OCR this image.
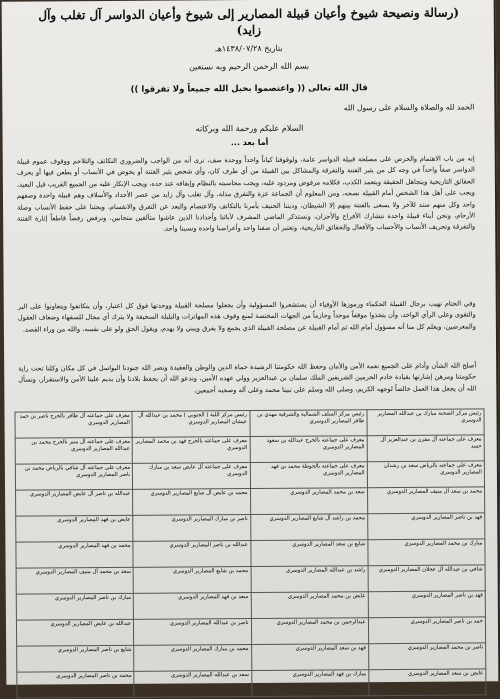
(رسالة ونصيحة شيوخ وأعيان قبيلة المصارير إلى شيوخ وأعيان الدواسر آل تغلب وآل زايد)
بتاريخ ١٤٣٨/٠٧/٢٨هـ
بسم الله الرحمن الرحيم وبه نستعين
قال الله تعالى (( واعتصموا بحبل الله جميعاً ولا تفرقوا ))
الحمد لله والصلاة والسلام على رسول الله
السلام عليكم ورحمة الله وبركاته
أما بعد ...
إنه من باب الاهتمام والحرص على مصلحة قبيلة الدواسر عامة، ولوقوفنا كياناً واحداً ووحدة صف، نرى أنه من الواجب والضروري التكاتف والتلاحم ووقوف عموم قبيلة الدواسر صفاً واحداً في وجه كل من يثير الفتنة والتفرقة والمشاكل بين القبيلة من أي طرف كان، وأي شخص يثير الفتنة أو يخوض في الأنساب أو يطعن فيها أو يحرف الحقائق التاريخية ويتجاهل الحقيقة ويتعمد الكذب، فكلامه مرفوض ومردود عليه، ويجب محاسبته بالنظام وإيقافه عند حده، ويجب الإنكار عليه من الجميع القريب قبل البعيد، ويجب على أهل هذا الشخص أمام القبيلة نصحه، ومن المعلوم أن الجماعة عزة والتفرق مذلة، وآل تغلب وآل زايد من عصر الأجداد والأسلاف وهم قبيلة واحدة وصفهم واحد وكل منهم سند للآخر ولا يسعى بالفتنة بينهم إلا الشيطان، وديننا الحنيف يأمرنا بالتكاتف والاعتصام والبعد عن التفرق والانقسام، ويحثنا على حفظ الأنساب وصلة الأرحام، ونحن أبناء قبيلة واحدة نتشارك الأفراح والأحزان، ونستذكر الماضي المشرف لآبائنا وأجدادنا الذين عاشوا متآلفين متحابين، ونرفض رفضاً قاطعاً إثارة الفتنة والتفرقة وتحريف الأنساب والأحساب والأفعال والحقائق التاريخية، وتعتبر أن صفنا واحد وأعراضنا واحدة ونسبنا واحد.
وفي الختام نهيب برجال القبيلة الحكماء ورموزها الأوفياء أن يستشعروا المسؤولية وأن يجعلوا مصلحة القبيلة ووحدتها فوق كل اعتبار، وأن يتكاتفوا ويتعاونوا على البر والتقوى وعلى الرأي الواحد، وأن يتخذوا موقفاً موحداً وحازماً من الجهات المختصة لمنع وقوف هذه المهاترات والبلبلة السخيفة ولا يترك أي مجال للسفهاء وضعاف العقول والمغرضين، ويعلم كل منا أنه مسؤول أمام الله ثم أمام القبيلة عن مصلحة القبيلة الذي يجمع ولا يفرق ويبني ولا يهدم، ويقول الحق ولو على نفسه، والله من وراء القصد.
أصلح الله الشأن وأدام على الجميع نعمة الأمن والأمان وحفظ الله حكومتنا الرشيدة حماة الدين والوطن والعقيدة ونصر الله جنودنا البواسل في كل مكان وكلنا تحت راية حكومتنا ومرهن إشارتها بقيادة خادم الحرمين الشريفين الملك سلمان بن عبدالعزيز وولي عهده الأمين، وندعو الله أن يحفظ بلادنا وأن يديم علينا الأمن والاستقرار، ونسأل الله أن يجعل هذا العمل خالصاً لوجهه الكريم، وصلى الله وسلم على نبينا محمد وعلى آله وصحبه أجمعين.
رئيس مركز الصحنة مبارك بن عبدالله المصارير الدوسري	رئيس مركز السلف الشمالية والشرقية مهدي بن ظافر المصارير الدوسري	رئيس مركز اللبة ( الجنوبي ) محمد بن عبدالله آل عيشان المصارير الدوسري	معرف على جماعته آل ظافر بالخرج ناصر بن حمد المصارير الدوسري
معرف على جماعته آل مقرن بن عبدالعزيز آل حميد	معرف على جماعته بالخرج عبدالله بن سعود المصارير الدوسري	معرف على جماعته بالخرج فهد بن محمد المصارير الدوسري	معرف على جماعته آل منير بالخرج محمد بن عبدالله المصارير الدوسري
معرف على جماعته بالرياض سعد بن رشدان المصارير الدوسري	معرف على جماعته بالحوطة محمد بن فهد المصارير الدوسري	معرف على جماعته آل عايض سعد بن مبارك الدوسري	معرف على جماعته آل شافي بالرياض محمد بن ناصر المصارير الدوسري
محمد بن سعد آل منيف المصارير الدوسري	سعد بن محمد المصارير الدوسري	محمد بن عايض آل شايع المصارير الدوسري	عبدالله بن ناصر آل عايض المصارير الدوسري
فهد بن ناصر المصارير الدوسري	محمد بن راشد آل شايع المصارير الدوسري	ناصر بن مبارك المصارير الدوسري	عايض بن فهد المصارير الدوسري
مبارك بن محمد المصارير الدوسري	شايع بن سعد المصارير الدوسري	عبدالله بن ناصر المصارير الدوسري	محمد بن فهد المصارير الدوسري
شافي بن عبدالله آل عجلان المصارير الدوسري	راشد بن عبدالله المصارير الدوسري	محمد بن شايع المصارير الدوسري	سعد بن محمد آل منيف المصارير الدوسري
فهد بن ناصر المصارير الدوسري	عايض بن محمد المصارير الدوسري	سعد بن فهد المصارير الدوسري	مبارك بن ناصر المصارير الدوسري
حمد بن ناصر المصارير الدوسري	عبدالرحمن بن محمد المصارير الدوسري	ناصر بن عبدالله المصارير الدوسري	عبدالله بن عايض المصارير الدوسري
ناصر بن محمد المصارير الدوسري	فهد بن سعد المصارير الدوسري	محمد بن مبارك المصارير الدوسري	شايع بن ناصر المصارير الدوسري
عايض بن سعد المصارير الدوسري	مبارك بن فهد المصارير الدوسري	سعد بن عبدالله المصارير الدوسري	محمد بن ناصر المصارير الدوسري
